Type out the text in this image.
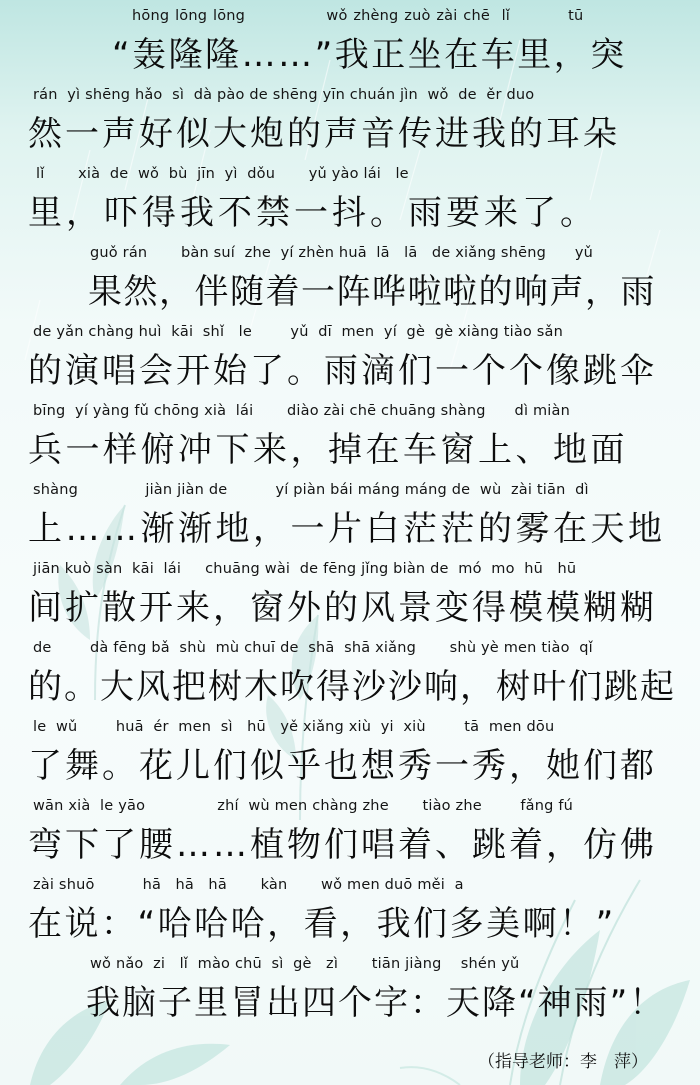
hōng lōng lōng              wǒ zhèng zuò zài chē  lǐ          tū
“轰隆隆……”我正坐在车里，突
rán  yì shēng hǎo  sì  dà pào de shēng yīn chuán jìn  wǒ  de  ěr duo
然一声好似大炮的声音传进我的耳朵
lǐ       xià  de  wǒ  bù  jīn  yì  dǒu       yǔ yào lái   le
里，吓得我不禁一抖。雨要来了。
guǒ rán       bàn suí  zhe  yí zhèn huā  lā   lā   de xiǎng shēng      yǔ
果然，伴随着一阵哗啦啦的响声，雨
de yǎn chàng huì  kāi  shǐ   le        yǔ  dī  men  yí  gè  gè xiàng tiào sǎn
的演唱会开始了。雨滴们一个个像跳伞
bīng  yí yàng fǔ chōng xià  lái       diào zài chē chuāng shàng      dì miàn
兵一样俯冲下来，掉在车窗上、地面
shàng              jiàn jiàn de          yí piàn bái máng máng de  wù  zài tiān  dì
上……渐渐地，一片白茫茫的雾在天地
jiān kuò sàn  kāi  lái     chuāng wài  de fēng jǐng biàn de  mó  mo  hū   hū
间扩散开来，窗外的风景变得模模糊糊
de        dà fēng bǎ  shù  mù chuī de  shā  shā xiǎng       shù yè men tiào  qǐ
的。大风把树木吹得沙沙响，树叶们跳起
le  wǔ        huā  ér  men  sì   hū   yě xiǎng xiù  yi  xiù        tā  men dōu
了舞。花儿们似乎也想秀一秀，她们都
wān xià  le yāo               zhí  wù men chàng zhe       tiào zhe        fǎng fú
弯下了腰……植物们唱着、跳着，仿佛
zài shuō          hā   hā   hā       kàn       wǒ men duō měi  a
在说：“哈哈哈，看，我们多美啊！”
wǒ nǎo  zi   lǐ  mào chū  sì  gè   zì       tiān jiàng    shén yǔ
我脑子里冒出四个字：天降“神雨”！
（指导老师：李　萍）
